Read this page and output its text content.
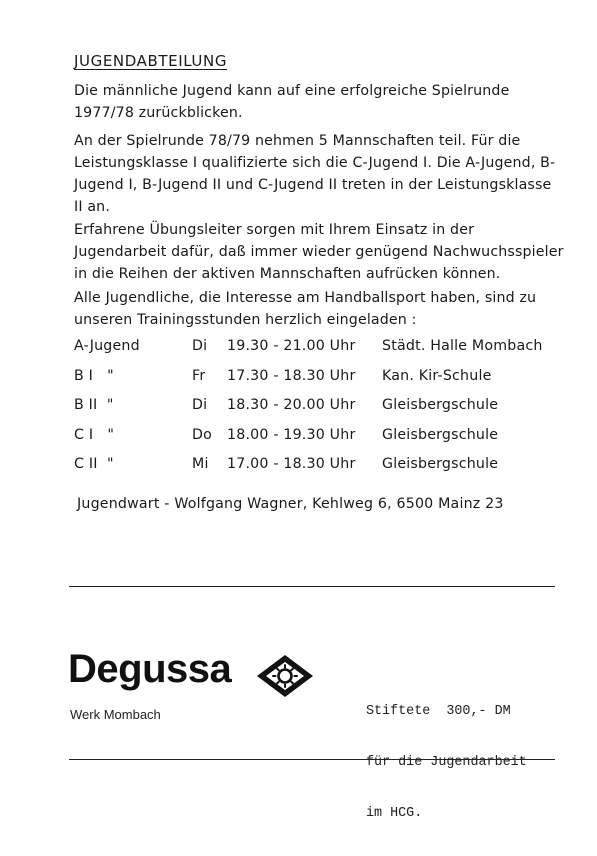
JUGENDABTEILUNG

Die männliche Jugend kann auf eine erfolgreiche Spielrunde 1977/78 zurückblicken.

An der Spielrunde 78/79 nehmen 5 Mannschaften teil. Für die Leistungsklasse I qualifizierte sich die C-Jugend I. Die A-Jugend, B-Jugend I, B-Jugend II und C-Jugend II treten in der Leistungsklasse II an.

Erfahrene Übungsleiter sorgen mit Ihrem Einsatz in der Jugendarbeit dafür, daß immer wieder genügend Nachwuchsspieler in die Reihen der aktiven Mannschaften aufrücken können.

Alle Jugendliche, die Interesse am Handballsport haben, sind zu unseren Trainingsstunden herzlich eingeladen :

A-Jugend	Di 19.30 - 21.00 Uhr Städt. Halle Mombach
B I   "	Fr 17.30 - 18.30 Uhr Kan. Kir-Schule
B II  "	Di 18.30 - 20.00 Uhr Gleisbergschule
C I   "	Do 18.00 - 19.30 Uhr Gleisbergschule
C II  "	Mi 17.00 - 18.30 Uhr Gleisbergschule
Jugendwart - Wolfgang Wagner, Kehlweg 6, 6500 Mainz 23
Degussa
Werk Mombach

	Stiftete  300,- DM

für die Jugendarbeit

im HCG.
